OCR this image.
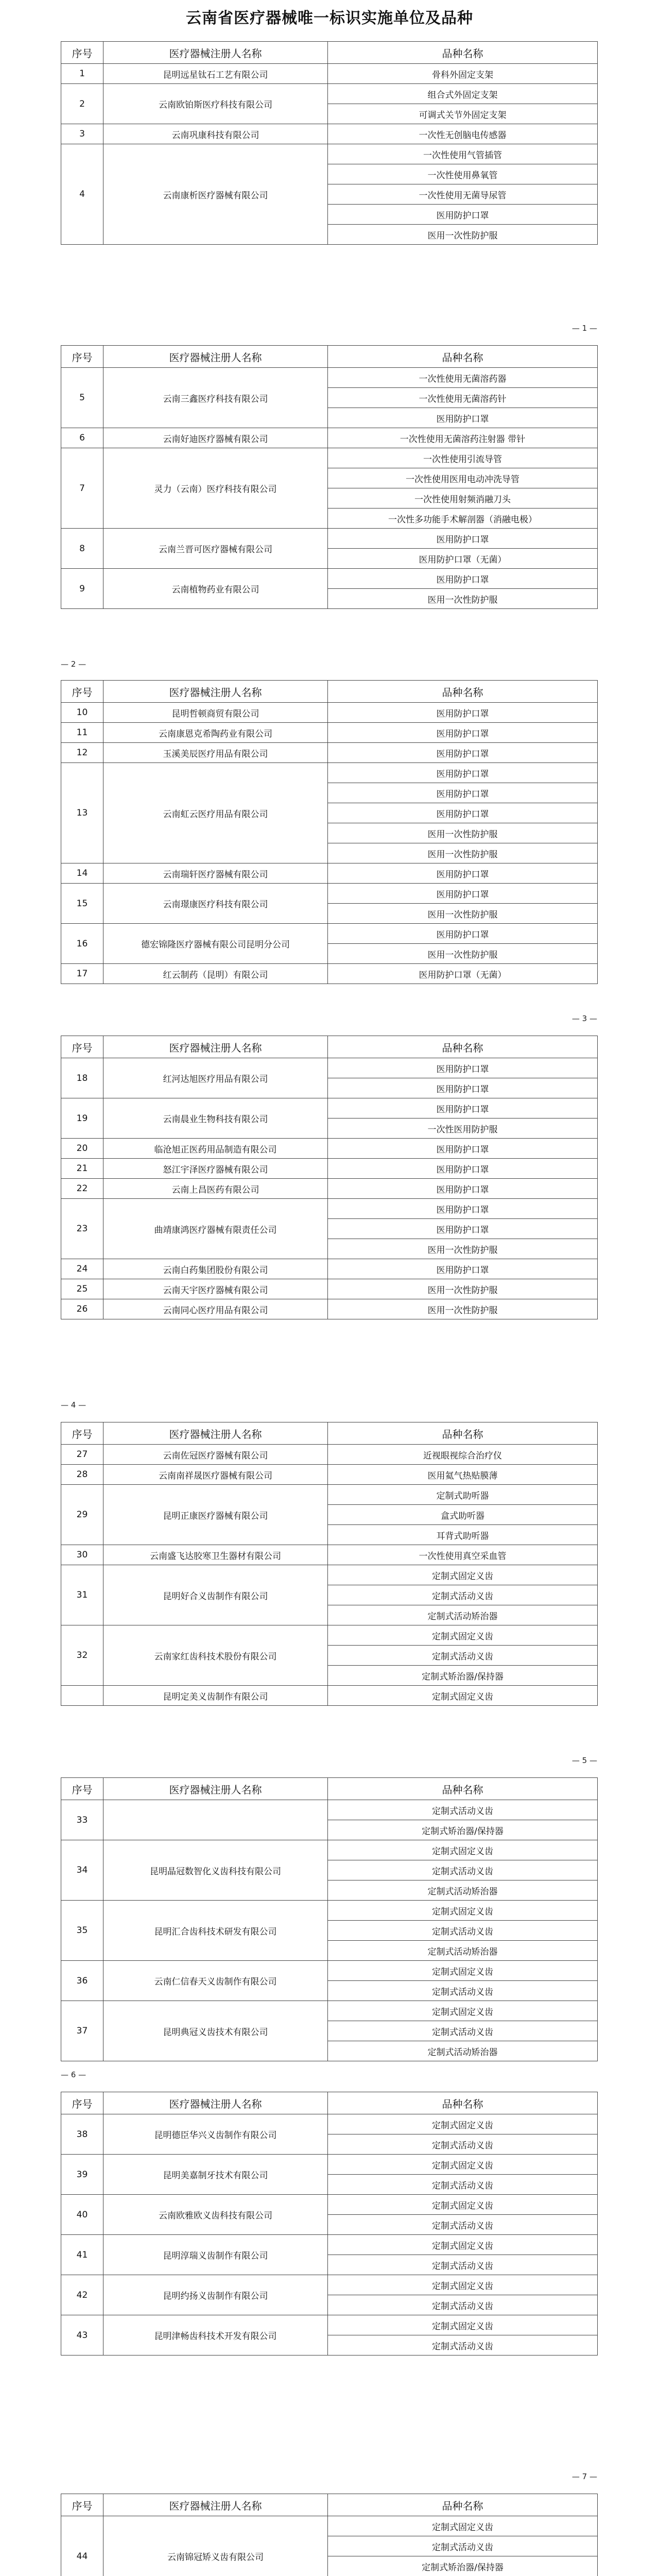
云南省医疗器械唯一标识实施单位及品种
序号	医疗器械注册人名称	品种名称
1	昆明远星钛石工艺有限公司	骨科外固定支架
2	云南欧铂斯医疗科技有限公司	组合式外固定支架
		可调式关节外固定支架
3	云南巩康科技有限公司	一次性无创脑电传感器
4	云南康析医疗器械有限公司	一次性使用气管插管
		一次性使用鼻氧管
		一次性使用无菌导尿管
		医用防护口罩
		医用一次性防护服
— 1 —
序号	医疗器械注册人名称	品种名称
5	云南三鑫医疗科技有限公司	一次性使用无菌溶药器
		一次性使用无菌溶药针
		医用防护口罩
6	云南好迪医疗器械有限公司	一次性使用无菌溶药注射器 带针
7	灵力（云南）医疗科技有限公司	一次性使用引流导管
		一次性使用医用电动冲洗导管
		一次性使用射频消融刀头
		一次性多功能手术解剖器（消融电极）
8	云南兰晋可医疗器械有限公司	医用防护口罩
		医用防护口罩（无菌）
9	云南植物药业有限公司	医用防护口罩
		医用一次性防护服
— 2 —
序号	医疗器械注册人名称	品种名称
10	昆明哲顿商贸有限公司	医用防护口罩
11	云南康恩克希陶药业有限公司	医用防护口罩
12	玉溪美辰医疗用品有限公司	医用防护口罩
13	云南虹云医疗用品有限公司	医用防护口罩
		医用防护口罩
		医用防护口罩
		医用一次性防护服
		医用一次性防护服
14	云南瑞轩医疗器械有限公司	医用防护口罩
15	云南璟康医疗科技有限公司	医用防护口罩
		医用一次性防护服
16	德宏锦隆医疗器械有限公司昆明分公司	医用防护口罩
		医用一次性防护服
17	红云制药（昆明）有限公司	医用防护口罩（无菌）
— 3 —
序号	医疗器械注册人名称	品种名称
18	红河达旭医疗用品有限公司	医用防护口罩
		医用防护口罩
19	云南晨业生物科技有限公司	医用防护口罩
		一次性医用防护服
20	临沧旭正医药用品制造有限公司	医用防护口罩
21	怒江宇泽医疗器械有限公司	医用防护口罩
22	云南上昌医药有限公司	医用防护口罩
23	曲靖康鸿医疗器械有限责任公司	医用防护口罩
		医用防护口罩
		医用一次性防护服
24	云南白药集团股份有限公司	医用防护口罩
25	云南天宇医疗器械有限公司	医用一次性防护服
26	云南同心医疗用品有限公司	医用一次性防护服
— 4 —
序号	医疗器械注册人名称	品种名称
27	云南佐冠医疗器械有限公司	近视眼视综合治疗仪
28	云南南祥晟医疗器械有限公司	医用氦气热贴膜薄
29	昆明正康医疗器械有限公司	定制式助听器
		盒式助听器
		耳背式助听器
30	云南盛飞达胶寒卫生器材有限公司	一次性使用真空采血管
31	昆明好合义齿制作有限公司	定制式固定义齿
		定制式活动义齿
		定制式活动矫治器
32	云南家红齿科技术股份有限公司	定制式固定义齿
		定制式活动义齿
		定制式矫治器/保持器
	昆明定美义齿制作有限公司	定制式固定义齿
— 5 —
序号	医疗器械注册人名称	品种名称
33		定制式活动义齿
		定制式矫治器/保持器
34	昆明晶冠数智化义齿科技有限公司	定制式固定义齿
		定制式活动义齿
		定制式活动矫治器
35	昆明汇合齿科技术研发有限公司	定制式固定义齿
		定制式活动义齿
		定制式活动矫治器
36	云南仁信春天义齿制作有限公司	定制式固定义齿
		定制式活动义齿
37	昆明典冠义齿技术有限公司	定制式固定义齿
		定制式活动义齿
		定制式活动矫治器
— 6 —
序号	医疗器械注册人名称	品种名称
38	昆明德臣华兴义齿制作有限公司	定制式固定义齿
		定制式活动义齿
39	昆明美嘉制牙技术有限公司	定制式固定义齿
		定制式活动义齿
40	云南欧雅欧义齿科技有限公司	定制式固定义齿
		定制式活动义齿
41	昆明淳瑞义齿制作有限公司	定制式固定义齿
		定制式活动义齿
42	昆明约扬义齿制作有限公司	定制式固定义齿
		定制式活动义齿
43	昆明津畅齿科技术开发有限公司	定制式固定义齿
		定制式活动义齿
— 7 —
序号	医疗器械注册人名称	品种名称
44	云南锦冠矫义齿有限公司	定制式固定义齿
		定制式活动义齿
		定制式矫治器/保持器
